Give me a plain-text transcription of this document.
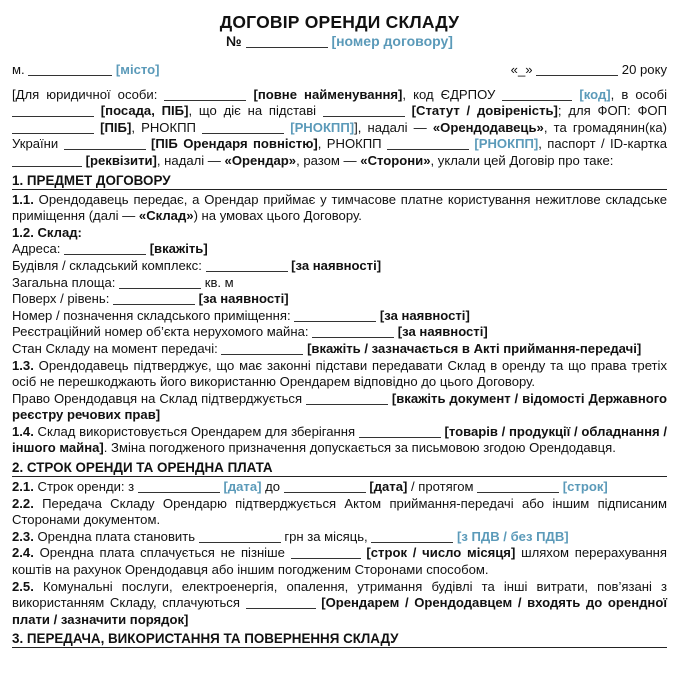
ДОГОВІР ОРЕНДИ СКЛАДУ
№	[номер договору]
м.	[місто]	«_»	20 року

[Для юридичної особи:	[повне найменування], код ЄДРПОУ	[код], в особі  [посада, ПІБ], що діє на підставі	[Статут / довіреність]; для ФОП: ФОП  [ПІБ], РНОКПП	[РНОКПП]], надалі — «Орендодавець», та громадянин(ка) України	[ПІБ Орендаря повністю], РНОКПП	[РНОКПП], паспорт / ID-картка  [реквізити], надалі — «Орендар», разом — «Сторони», уклали цей Договір про таке:

1. ПРЕДМЕТ ДОГОВОРУ

1.1. Орендодавець передає, а Орендар приймає у тимчасове платне користування нежитлове складське приміщення (далі — «Склад») на умовах цього Договору.

1.2. Склад:

Адреса:	[вкажіть]

Будівля / складський комплекс:	[за наявності]

Загальна площа:	кв. м

Поверх / рівень:	[за наявності]

Номер / позначення складського приміщення:	[за наявності]

Реєстраційний номер об’єкта нерухомого майна:	[за наявності]

Стан Складу на момент передачі:	[вкажіть / зазначається в Акті приймання-передачі]

1.3. Орендодавець підтверджує, що має законні підстави передавати Склад в оренду та що права третіх осіб не перешкоджають його використанню Орендарем відповідно до цього Договору.

Право Орендодавця на Склад підтверджується	[вкажіть документ / відомості Державного реєстру речових прав]

1.4. Склад використовується Орендарем для зберігання	[товарів / продукції / обладнання / іншого майна]. Зміна погодженого призначення допускається за письмовою згодою Орендодавця.

2. СТРОК ОРЕНДИ ТА ОРЕНДНА ПЛАТА

2.1. Строк оренди: з	[дата] до	[дата] / протягом	[строк]

2.2. Передача Складу Орендарю підтверджується Актом приймання-передачі або іншим підписаним Сторонами документом.

2.3. Орендна плата становить	грн за місяць,	[з ПДВ / без ПДВ]

2.4. Орендна плата сплачується не пізніше	[строк / число місяця] шляхом перерахування коштів на рахунок Орендодавця або іншим погодженим Сторонами способом.

2.5. Комунальні послуги, електроенергія, опалення, утримання будівлі та інші витрати, пов’язані з використанням Складу, сплачуються	[Орендарем / Орендодавцем / входять до орендної плати / зазначити порядок]

3. ПЕРЕДАЧА, ВИКОРИСТАННЯ ТА ПОВЕРНЕННЯ СКЛАДУ
